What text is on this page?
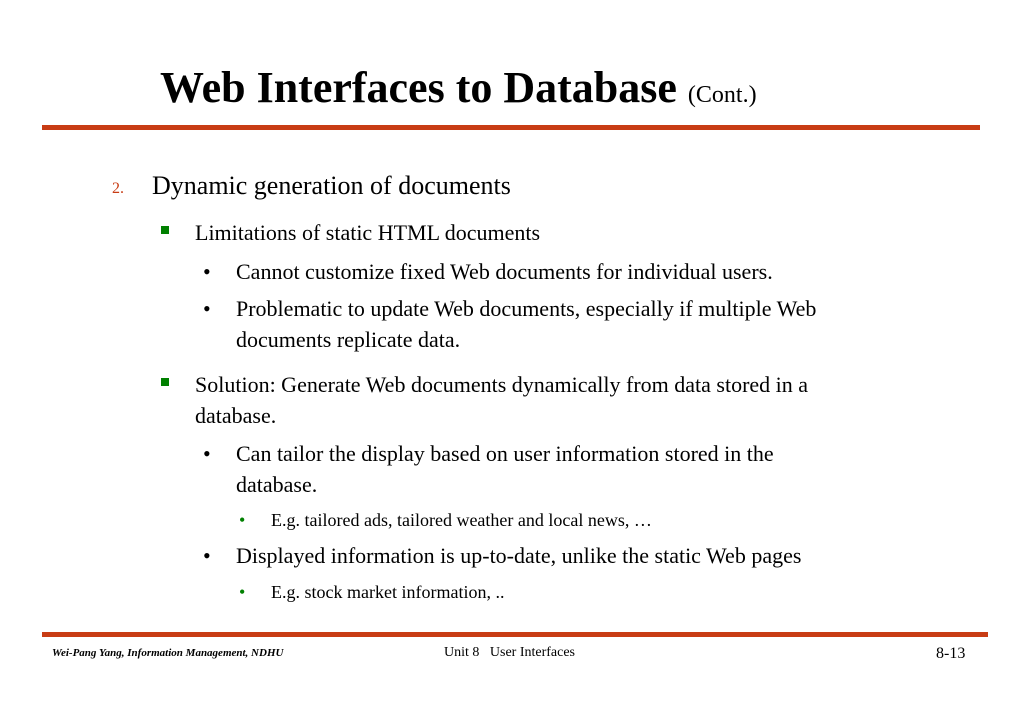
Web Interfaces to Database (Cont.)
2. Dynamic generation of documents
Limitations of static HTML documents
• Cannot customize fixed Web documents for individual users.
• Problematic to update Web documents, especially if multiple Web
documents replicate data.
Solution: Generate Web documents dynamically from data stored in a
database.
• Can tailor the display based on user information stored in the
database.
• E.g. tailored ads, tailored weather and local news, …
• Displayed information is up-to-date, unlike the static Web pages
• E.g. stock market information, ..
Wei-Pang Yang, Information Management, NDHU	Unit 8   User Interfaces	8-13
